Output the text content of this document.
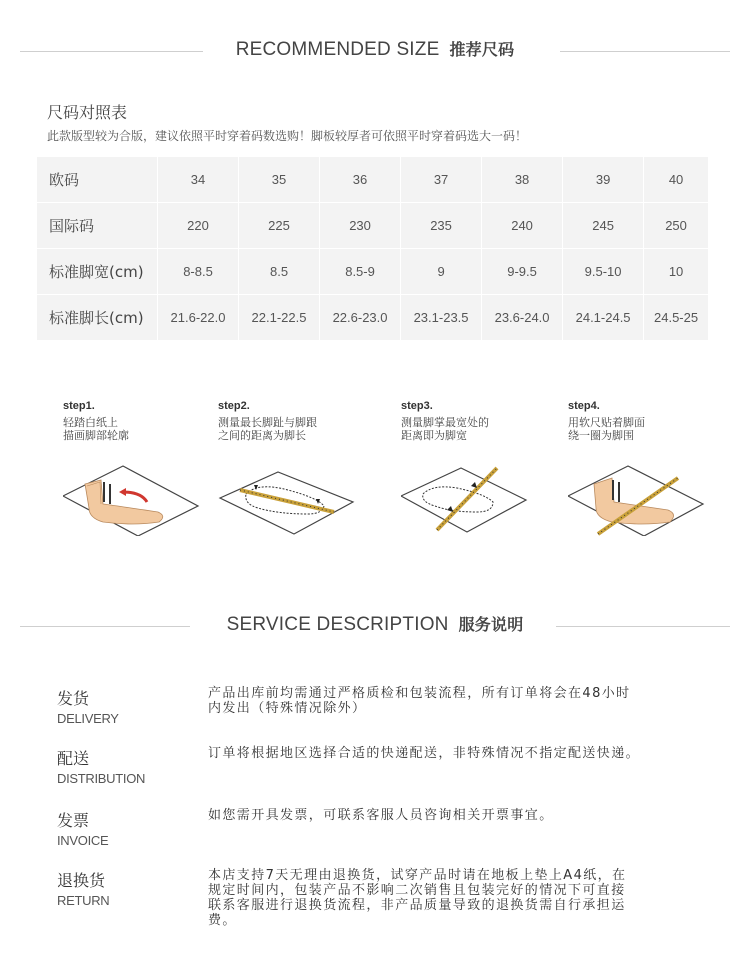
RECOMMENDED SIZE 推荐尺码
尺码对照表
此款版型较为合版，建议依照平时穿着码数选购！脚板较厚者可依照平时穿着码选大一码！
欧码	34	35	36	37	38	39	40
国际码	220	225	230	235	240	245	250
标准脚宽(cm)	8-8.5	8.5	8.5-9	9	9-9.5	9.5-10	10
标准脚长(cm)	21.6-22.0	22.1-22.5	22.6-23.0	23.1-23.5	23.6-24.0	24.1-24.5	24.5-25
step1.
轻踏白纸上
描画脚部轮廓
step2.
测量最长脚趾与脚跟
之间的距离为脚长
step3.
测量脚掌最宽处的
距离即为脚宽
step4.
用软尺贴着脚面
绕一圈为脚围
SERVICE DESCRIPTION 服务说明
发货
DELIVERY
产品出库前均需通过严格质检和包装流程，所有订单将会在48小时
内发出（特殊情况除外）
配送
DISTRIBUTION
订单将根据地区选择合适的快递配送，非特殊情况不指定配送快递。
发票
INVOICE
如您需开具发票，可联系客服人员咨询相关开票事宜。
退换货
RETURN
本店支持7天无理由退换货，试穿产品时请在地板上垫上A4纸，在
规定时间内，包装产品不影响二次销售且包装完好的情况下可直接
联系客服进行退换货流程，非产品质量导致的退换货需自行承担运
费。
